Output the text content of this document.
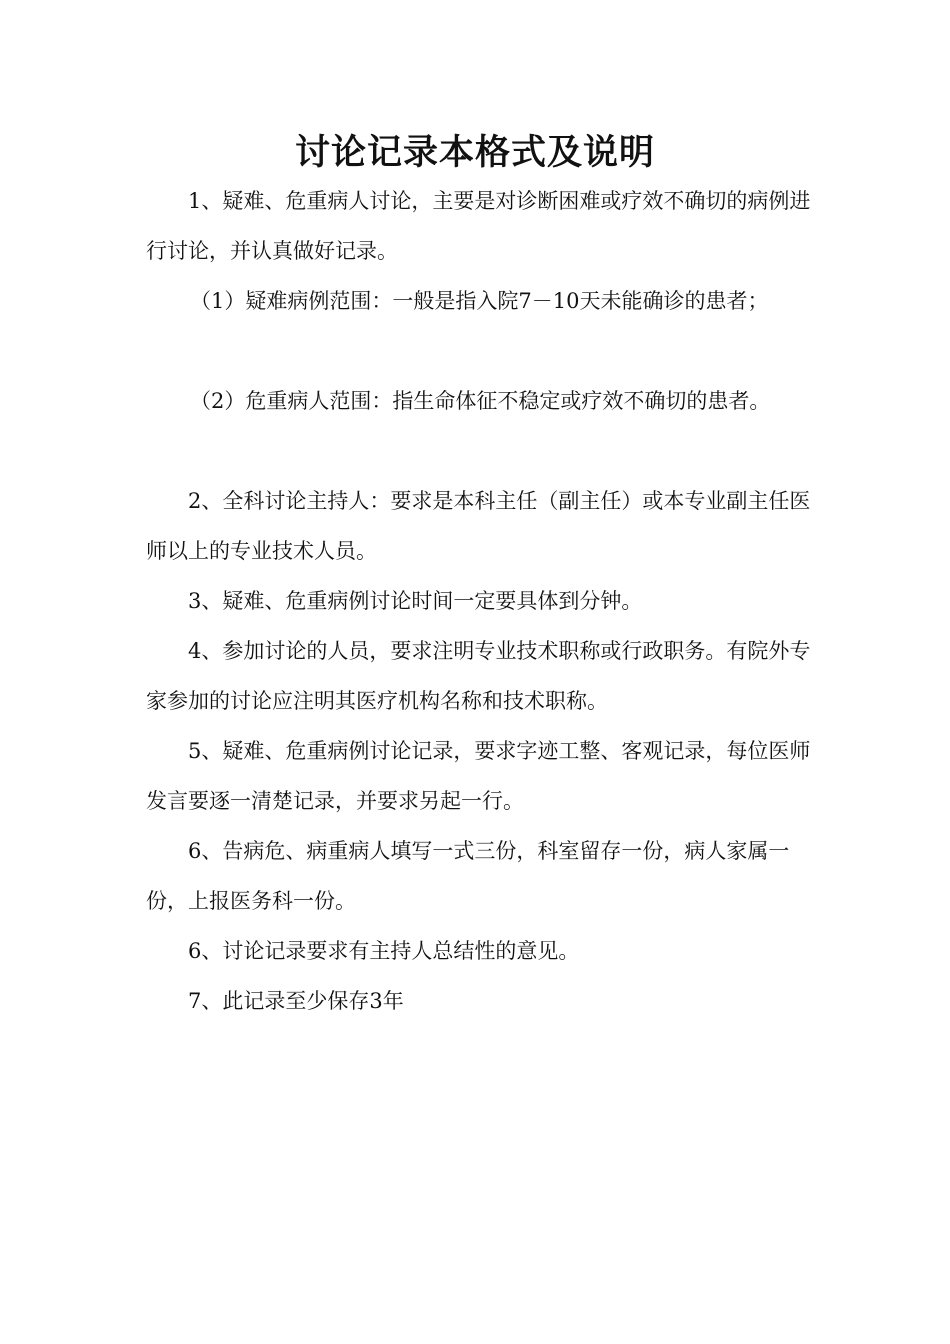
讨论记录本格式及说明

1、疑难、危重病人讨论，主要是对诊断困难或疗效不确切的病例进行讨论，并认真做好记录。

（1）疑难病例范围：一般是指入院7－10天未能确诊的患者；

（2）危重病人范围：指生命体征不稳定或疗效不确切的患者。

2、全科讨论主持人：要求是本科主任（副主任）或本专业副主任医师以上的专业技术人员。

3、疑难、危重病例讨论时间一定要具体到分钟。

4、参加讨论的人员，要求注明专业技术职称或行政职务。有院外专家参加的讨论应注明其医疗机构名称和技术职称。

5、疑难、危重病例讨论记录，要求字迹工整、客观记录，每位医师发言要逐一清楚记录，并要求另起一行。

6、告病危、病重病人填写一式三份，科室留存一份，病人家属一份，上报医务科一份。

6、讨论记录要求有主持人总结性的意见。

7、此记录至少保存3年
